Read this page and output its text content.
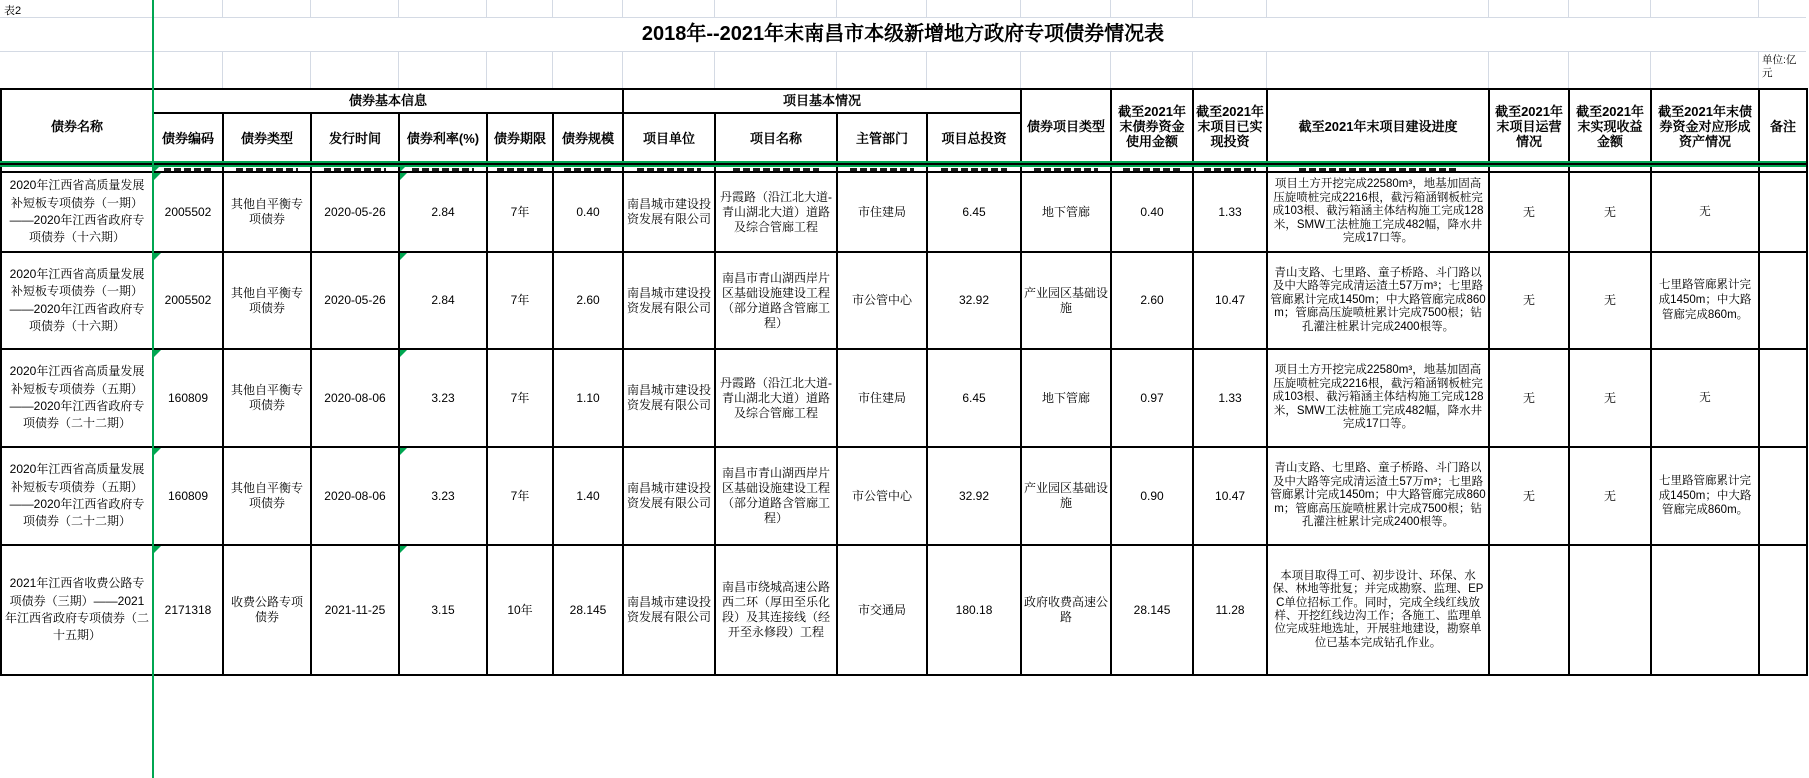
表2
2018年--2021年末南昌市本级新增地方政府专项债券情况表
单位:亿元
债券名称	债券基本信息						项目基本情况				债券项目类型	截至2021年末债券资金使用金额	截至2021年末项目已实现投资	截至2021年末项目建设进度	截至2021年末项目运营情况	截至2021年末实现收益金额	截至2021年末债券资金对应形成资产情况	备注
	债券编码	债券类型	发行时间	债券利率(%)	债券期限	债券规模	项目单位	项目名称	主管部门	项目总投资								

2020年江西省高质量发展补短板专项债券（一期）——2020年江西省政府专项债券（十六期）	2005502	其他自平衡专项债券	2020-05-26	2.84	7年	0.40	南昌城市建设投资发展有限公司	丹霞路（沿江北大道-青山湖北大道）道路及综合管廊工程	市住建局	6.45	地下管廊	0.40	1.33	项目土方开挖完成22580m³，地基加固高压旋喷桩完成2216根，截污箱涵钢板桩完成103根、截污箱涵主体结构施工完成128米，SMW工法桩施工完成482幅，降水井完成17口等。	无	无	无	
2020年江西省高质量发展补短板专项债券（一期）——2020年江西省政府专项债券（十六期）	2005502	其他自平衡专项债券	2020-05-26	2.84	7年	2.60	南昌城市建设投资发展有限公司	南昌市青山湖西岸片区基础设施建设工程（部分道路含管廊工程）	市公管中心	32.92	产业园区基础设施	2.60	10.47	青山支路、七里路、童子桥路、斗门路以及中大路等完成清运渣土57万m³；七里路管廊累计完成1450m；中大路管廊完成860m；管廊高压旋喷桩累计完成7500根；钻孔灌注桩累计完成2400根等。	无	无	七里路管廊累计完成1450m；中大路管廊完成860m。	
2020年江西省高质量发展补短板专项债券（五期）——2020年江西省政府专项债券（二十二期）	160809	其他自平衡专项债券	2020-08-06	3.23	7年	1.10	南昌城市建设投资发展有限公司	丹霞路（沿江北大道-青山湖北大道）道路及综合管廊工程	市住建局	6.45	地下管廊	0.97	1.33	项目土方开挖完成22580m³，地基加固高压旋喷桩完成2216根，截污箱涵钢板桩完成103根、截污箱涵主体结构施工完成128米，SMW工法桩施工完成482幅，降水井完成17口等。	无	无	无	
2020年江西省高质量发展补短板专项债券（五期）——2020年江西省政府专项债券（二十二期）	160809	其他自平衡专项债券	2020-08-06	3.23	7年	1.40	南昌城市建设投资发展有限公司	南昌市青山湖西岸片区基础设施建设工程（部分道路含管廊工程）	市公管中心	32.92	产业园区基础设施	0.90	10.47	青山支路、七里路、童子桥路、斗门路以及中大路等完成清运渣土57万m³；七里路管廊累计完成1450m；中大路管廊完成860m；管廊高压旋喷桩累计完成7500根；钻孔灌注桩累计完成2400根等。	无	无	七里路管廊累计完成1450m；中大路管廊完成860m。	
2021年江西省收费公路专项债券（三期）——2021年江西省政府专项债券（二十五期）	2171318	收费公路专项债券	2021-11-25	3.15	10年	28.145	南昌城市建设投资发展有限公司	南昌市绕城高速公路西二环（厚田至乐化段）及其连接线（经开至永修段）工程	市交通局	180.18	政府收费高速公路	28.145	11.28	本项目取得工可、初步设计、环保、水保、林地等批复；并完成勘察、监理、EPC单位招标工作。同时，完成全线红线放样、开挖红线边沟工作；各施工、监理单位完成驻地选址，开展驻地建设，勘察单位已基本完成钻孔作业。				
